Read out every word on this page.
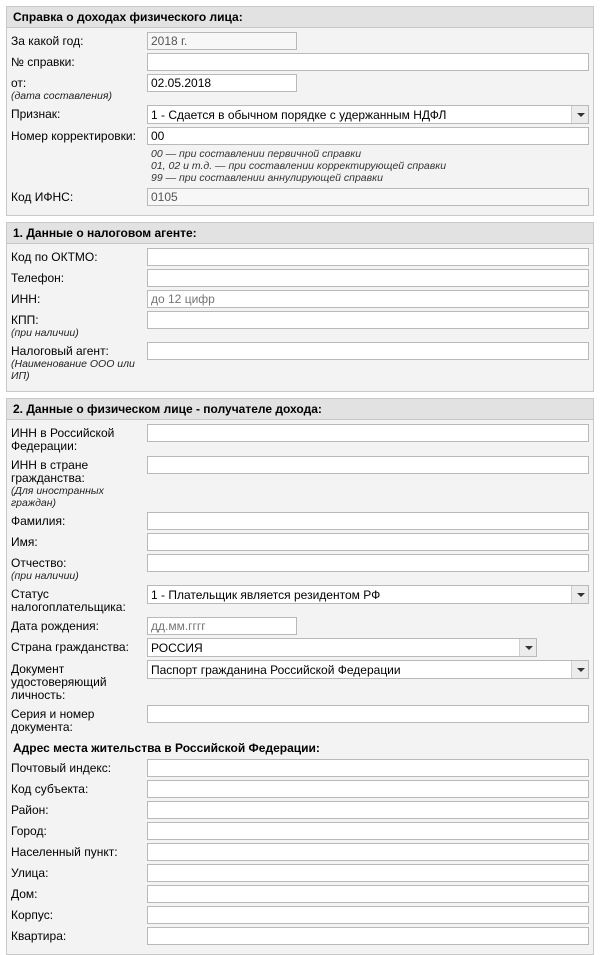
Справка о доходах физического лица:
За какой год:
2018 г.
№ справки:
от:
(дата составления)
02.05.2018
Признак:
1 - Сдается в обычном порядке с удержанным НДФЛ
Номер корректировки:
00
00 — при составлении первичной справки
01, 02 и т.д. — при составлении корректирующей справки
99 — при составлении аннулирующей справки
Код ИФНС:
0105
1. Данные о налоговом агенте:
Код по ОКТМО:
Телефон:
ИНН:
до 12 цифр
КПП:
(при наличии)
Налоговый агент:
(Наименование ООО или ИП)
2. Данные о физическом лице - получателе дохода:
ИНН в Российской Федерации:
ИНН в стране гражданства:
(Для иностранных граждан)
Фамилия:
Имя:
Отчество:
(при наличии)
Статус налогоплательщика:
1 - Плательщик является резидентом РФ
Дата рождения:
дд.мм.гггг
Страна гражданства:
РОССИЯ
Документ удостоверяющий личность:
Паспорт гражданина Российской Федерации
Серия и номер документа:
Адрес места жительства в Российской Федерации:
Почтовый индекс:
Код субъекта:
Район:
Город:
Населенный пункт:
Улица:
Дом:
Корпус:
Квартира:
